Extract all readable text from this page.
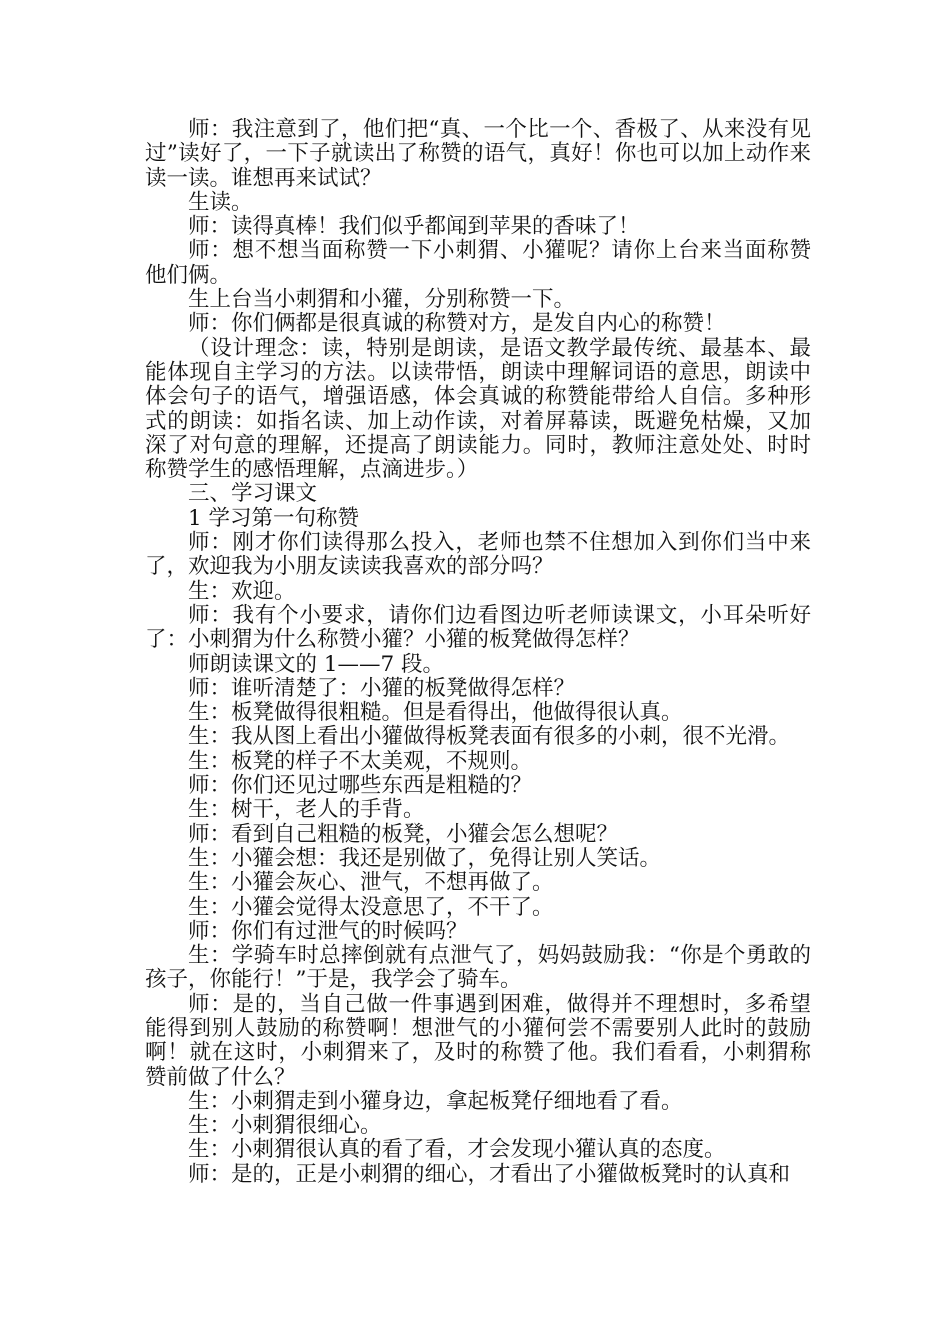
师：我注意到了，他们把“真、一个比一个、香极了、从来没有见过”读好了，一下子就读出了称赞的语气，真好！你也可以加上动作来读一读。谁想再来试试？

生读。

师：读得真棒！我们似乎都闻到苹果的香味了！

师：想不想当面称赞一下小刺猬、小獾呢？请你上台来当面称赞他们俩。

生上台当小刺猬和小獾，分别称赞一下。

师：你们俩都是很真诚的称赞对方，是发自内心的称赞！

（设计理念：读，特别是朗读，是语文教学最传统、最基本、最能体现自主学习的方法。以读带悟，朗读中理解词语的意思，朗读中体会句子的语气，增强语感，体会真诚的称赞能带给人自信。多种形式的朗读：如指名读、加上动作读，对着屏幕读，既避免枯燥，又加深了对句意的理解，还提高了朗读能力。同时，教师注意处处、时时称赞学生的感悟理解，点滴进步。）

三、学习课文

1 学习第一句称赞

师：刚才你们读得那么投入，老师也禁不住想加入到你们当中来了，欢迎我为小朋友读读我喜欢的部分吗？

生：欢迎。

师：我有个小要求，请你们边看图边听老师读课文，小耳朵听好了：小刺猬为什么称赞小獾？小獾的板凳做得怎样？

师朗读课文的 1——7 段。

师：谁听清楚了：小獾的板凳做得怎样？

生：板凳做得很粗糙。但是看得出，他做得很认真。

生：我从图上看出小獾做得板凳表面有很多的小刺，很不光滑。

生：板凳的样子不太美观，不规则。

师：你们还见过哪些东西是粗糙的？

生：树干，老人的手背。

师：看到自己粗糙的板凳，小獾会怎么想呢？

生：小獾会想：我还是别做了，免得让别人笑话。

生：小獾会灰心、泄气，不想再做了。

生：小獾会觉得太没意思了，不干了。

师：你们有过泄气的时候吗？

生：学骑车时总摔倒就有点泄气了，妈妈鼓励我：“你是个勇敢的孩子，你能行！”于是，我学会了骑车。

师：是的，当自己做一件事遇到困难，做得并不理想时，多希望能得到别人鼓励的称赞啊！想泄气的小獾何尝不需要别人此时的鼓励啊！就在这时，小刺猬来了，及时的称赞了他。我们看看，小刺猬称赞前做了什么？

生：小刺猬走到小獾身边，拿起板凳仔细地看了看。

生：小刺猬很细心。

生：小刺猬很认真的看了看，才会发现小獾认真的态度。

师：是的，正是小刺猬的细心，才看出了小獾做板凳时的认真和
